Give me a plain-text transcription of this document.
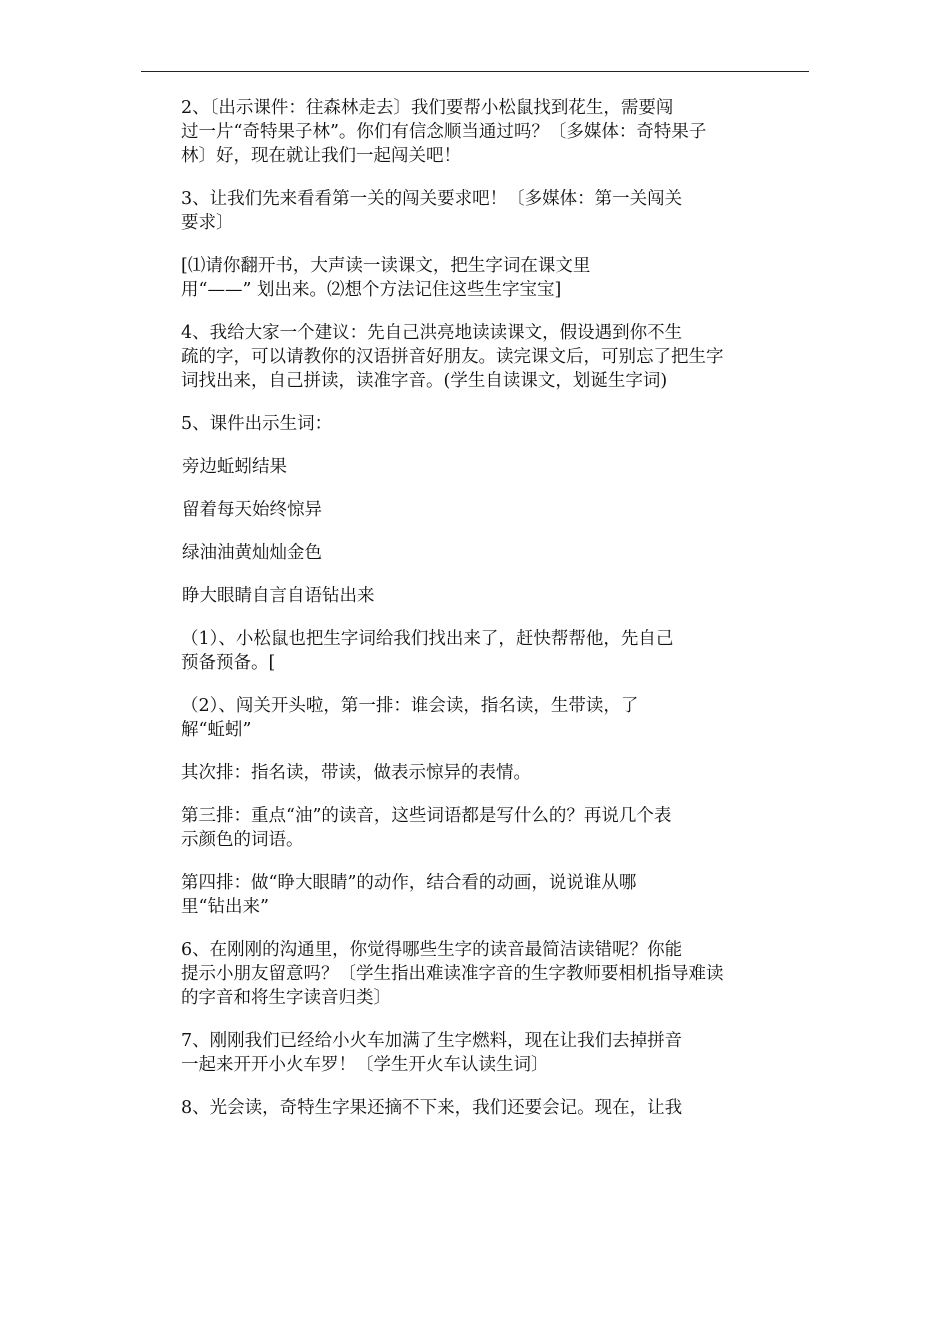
2、〔出示课件：往森林走去〕我们要帮小松鼠找到花生，需要闯
过一片“奇特果子林”。你们有信念顺当通过吗？〔多媒体：奇特果子
林〕好，现在就让我们一起闯关吧！
3、让我们先来看看第一关的闯关要求吧！〔多媒体：第一关闯关
要求〕
[⑴请你翻开书，大声读一读课文，把生字词在课文里
用“——” 划出来。⑵想个方法记住这些生字宝宝]
4、我给大家一个建议：先自己洪亮地读读课文，假设遇到你不生
疏的字，可以请教你的汉语拼音好朋友。读完课文后，可别忘了把生字
词找出来，自己拼读，读准字音。(学生自读课文，划诞生字词)
5、课件出示生词：
旁边蚯蚓结果
留着每天始终惊异
绿油油黄灿灿金色
睁大眼睛自言自语钻出来
（1）、小松鼠也把生字词给我们找出来了，赶快帮帮他，先自己
预备预备。[
（2）、闯关开头啦，第一排：谁会读，指名读，生带读，了
解“蚯蚓”
其次排：指名读，带读，做表示惊异的表情。
第三排：重点“油”的读音，这些词语都是写什么的？再说几个表
示颜色的词语。
第四排：做“睁大眼睛”的动作，结合看的动画，说说谁从哪
里“钻出来”
6、在刚刚的沟通里，你觉得哪些生字的读音最简洁读错呢？你能
提示小朋友留意吗？〔学生指出难读准字音的生字教师要相机指导难读
的字音和将生字读音归类〕
7、刚刚我们已经给小火车加满了生字燃料，现在让我们去掉拼音
一起来开开小火车罗！〔学生开火车认读生词〕
8、光会读，奇特生字果还摘不下来，我们还要会记。现在，让我
